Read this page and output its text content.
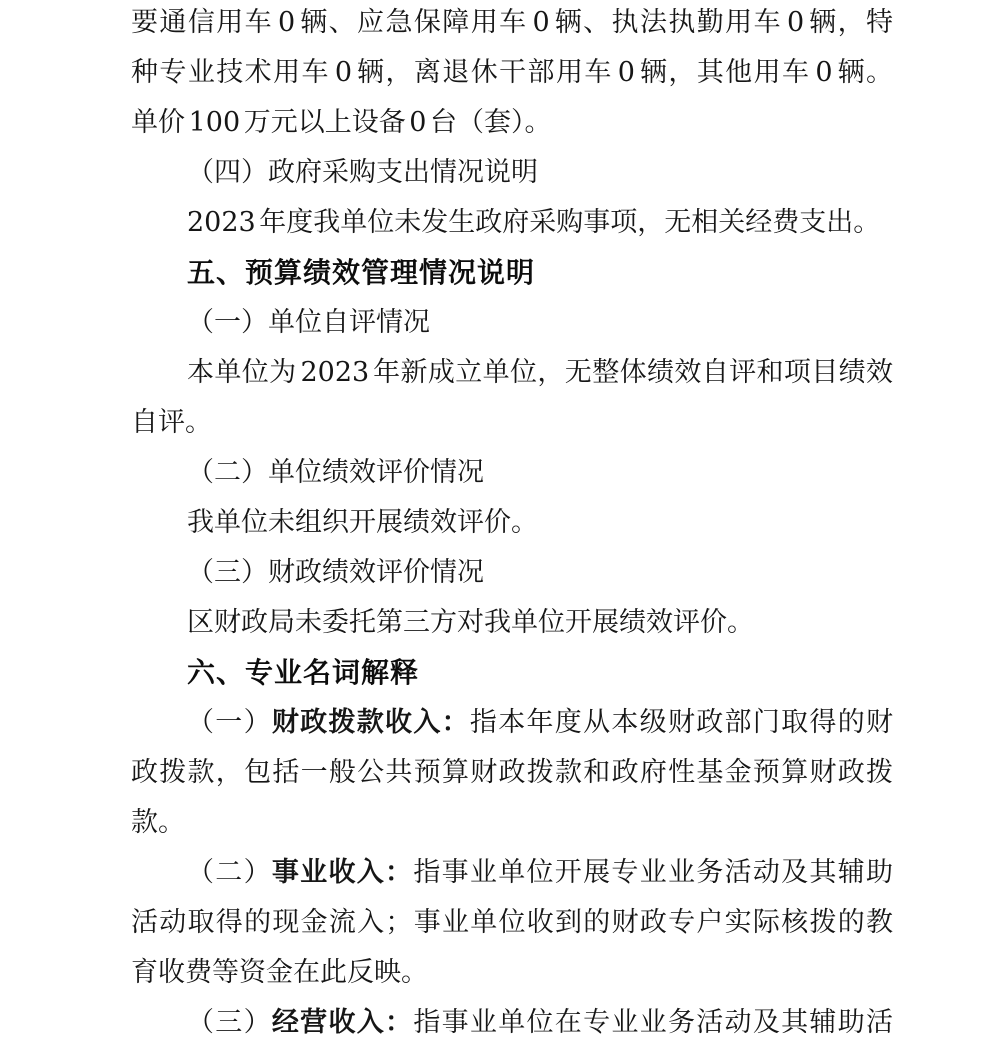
要通信用车 0 辆、应急保障用车 0 辆、执法执勤用车 0 辆，特
种专业技术用车 0 辆，离退休干部用车 0 辆，其他用车 0 辆。
单价 100 万元以上设备 0 台（套）。
（四）政府采购支出情况说明
2023 年度我单位未发生政府采购事项，无相关经费支出。
五、预算绩效管理情况说明
（一）单位自评情况
本单位为 2023 年新成立单位，无整体绩效自评和项目绩效
自评。
（二）单位绩效评价情况
我单位未组织开展绩效评价。
（三）财政绩效评价情况
区财政局未委托第三方对我单位开展绩效评价。
六、专业名词解释
（一）财政拨款收入：指本年度从本级财政部门取得的财
政拨款，包括一般公共预算财政拨款和政府性基金预算财政拨
款。
（二）事业收入：指事业单位开展专业业务活动及其辅助
活动取得的现金流入；事业单位收到的财政专户实际核拨的教
育收费等资金在此反映。
（三）经营收入：指事业单位在专业业务活动及其辅助活
